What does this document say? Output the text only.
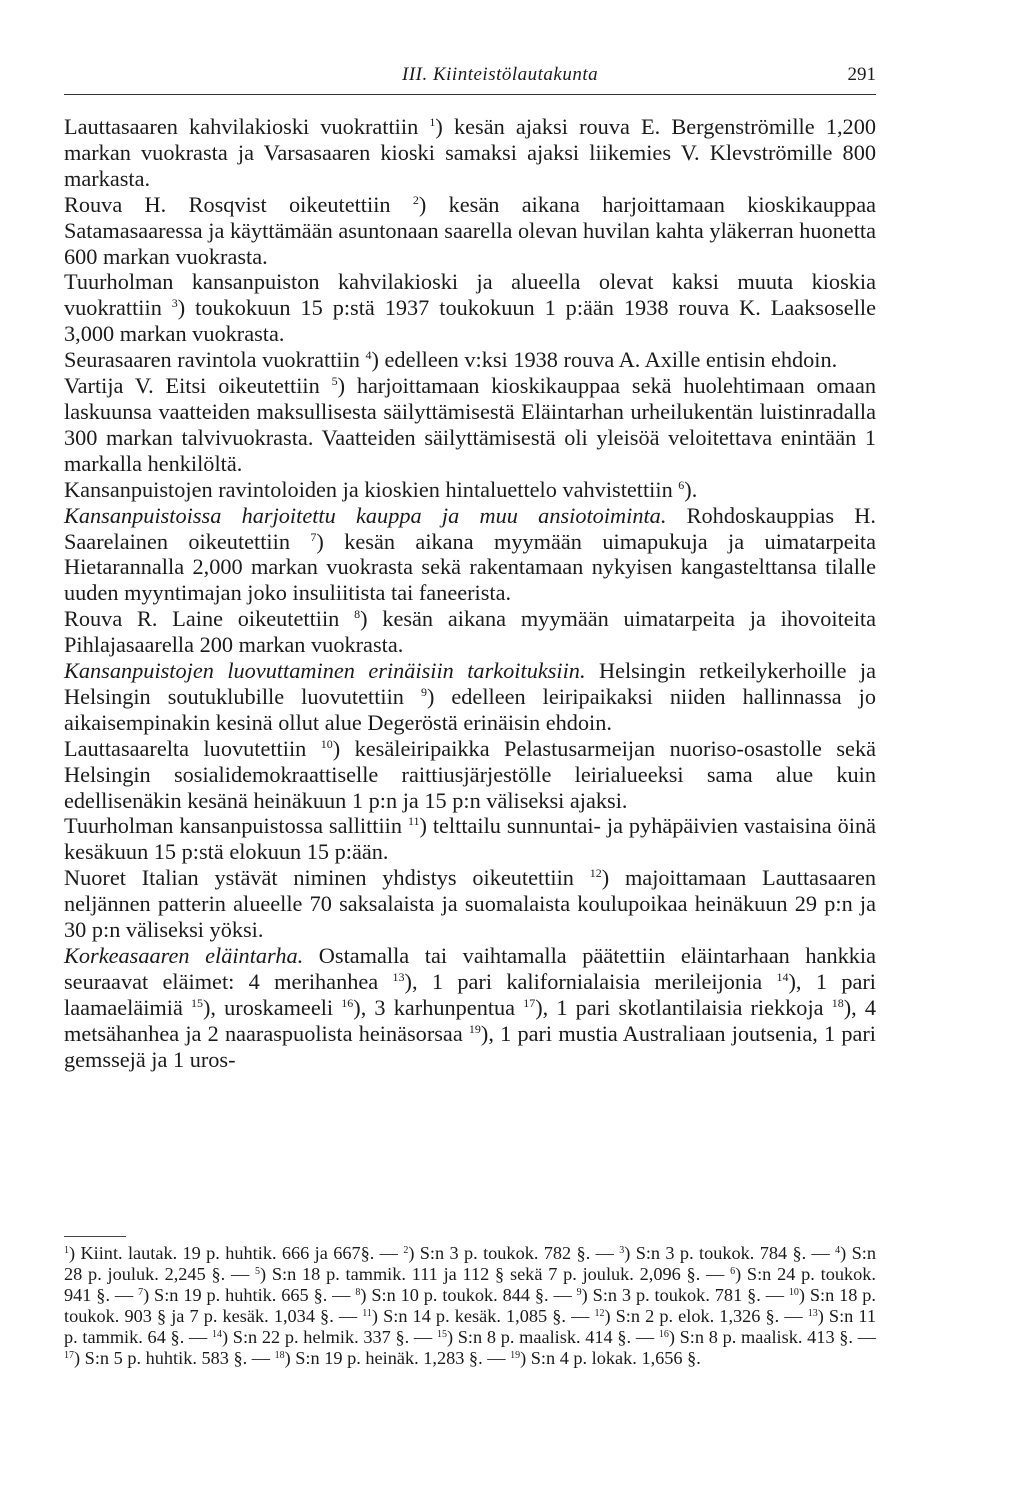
III. Kiinteistölautakunta	291

Lauttasaaren kahvilakioski vuokrattiin $^1$) kesän ajaksi rouva E. Bergenströmille 1,200 markan vuokrasta ja Varsasaaren kioski samaksi ajaksi liikemies V. Klevströmille 800 markasta.

Rouva H. Rosqvist oikeutettiin $^2$) kesän aikana harjoittamaan kioskikauppaa Satamasaaressa ja käyttämään asuntonaan saarella olevan huvilan kahta yläkerran huonetta 600 markan vuokrasta.

Tuurholman kansanpuiston kahvilakioski ja alueella olevat kaksi muuta kioskia vuokrattiin $^3$) toukokuun 15 p:stä 1937 toukokuun 1 p:ään 1938 rouva K. Laaksoselle 3,000 markan vuokrasta.

Seurasaaren ravintola vuokrattiin $^4$) edelleen v:ksi 1938 rouva A. Axille entisin ehdoin.

Vartija V. Eitsi oikeutettiin $^5$) harjoittamaan kioskikauppaa sekä huolehtimaan omaan laskuunsa vaatteiden maksullisesta säilyttämisestä Eläintarhan urheilukentän luistinradalla 300 markan talvivuokrasta. Vaatteiden säilyttämisestä oli yleisöä veloitettava enintään 1 markalla henkilöltä.

Kansanpuistojen ravintoloiden ja kioskien hintaluettelo vahvistettiin $^6$).

Kansanpuistoissa harjoitettu kauppa ja muu ansiotoiminta. Rohdoskauppias H. Saarelainen oikeutettiin $^7$) kesän aikana myymään uimapukuja ja uimatarpeita Hietarannalla 2,000 markan vuokrasta sekä rakentamaan nykyisen kangastelttansa tilalle uuden myyntimajan joko insuliitista tai faneerista.

Rouva R. Laine oikeutettiin $^8$) kesän aikana myymään uimatarpeita ja ihovoiteita Pihlajasaarella 200 markan vuokrasta.

Kansanpuistojen luovuttaminen erinäisiin tarkoituksiin. Helsingin retkeilykerhoille ja Helsingin soutuklubille luovutettiin $^9$) edelleen leiripaikaksi niiden hallinnassa jo aikaisempinakin kesinä ollut alue Degeröstä erinäisin ehdoin.

Lauttasaarelta luovutettiin $^{10}$) kesäleiripaikka Pelastusarmeijan nuoriso-osastolle sekä Helsingin sosialidemokraattiselle raittiusjärjestölle leirialueeksi sama alue kuin edellisenäkin kesänä heinäkuun 1 p:n ja 15 p:n väliseksi ajaksi.

Tuurholman kansanpuistossa sallittiin $^{11}$) telttailu sunnuntai- ja pyhäpäivien vastaisina öinä kesäkuun 15 p:stä elokuun 15 p:ään.

Nuoret Italian ystävät niminen yhdistys oikeutettiin $^{12}$) majoittamaan Lauttasaaren neljännen patterin alueelle 70 saksalaista ja suomalaista koulupoikaa heinäkuun 29 p:n ja 30 p:n väliseksi yöksi.

Korkeasaaren eläintarha. Ostamalla tai vaihtamalla päätettiin eläintarhaan hankkia seuraavat eläimet: 4 merihanhea $^{13}$), 1 pari kalifornialaisia merileijonia $^{14}$), 1 pari laamaeläimiä $^{15}$), uroskameeli $^{16}$), 3 karhunpentua $^{17}$), 1 pari skotlantilaisia riekkoja $^{18}$), 4 metsähanhea ja 2 naaraspuolista heinäsorsaa $^{19}$), 1 pari mustia Australiaan joutsenia, 1 pari gemssejä ja 1 uros-

$^1$) Kiint. lautak. 19 p. huhtik. 666 ja 667§. — $^2$) S:n 3 p. toukok. 782 §. — $^3$) S:n 3 p. toukok. 784 §. — $^4$) S:n 28 p. jouluk. 2,245 §. — $^5$) S:n 18 p. tammik. 111 ja 112 § sekä 7 p. jouluk. 2,096 §. — $^6$) S:n 24 p. toukok. 941 §. — $^7$) S:n 19 p. huhtik. 665 §. — $^8$) S:n 10 p. toukok. 844 §. — $^9$) S:n 3 p. toukok. 781 §. — $^{10}$) S:n 18 p. toukok. 903 § ja 7 p. kesäk. 1,034 §. — $^{11}$) S:n 14 p. kesäk. 1,085 §. — $^{12}$) S:n 2 p. elok. 1,326 §. — $^{13}$) S:n 11 p. tammik. 64 §. — $^{14}$) S:n 22 p. helmik. 337 §. — $^{15}$) S:n 8 p. maalisk. 414 §. — $^{16}$) S:n 8 p. maalisk. 413 §. — $^{17}$) S:n 5 p. huhtik. 583 §. — $^{18}$) S:n 19 p. heinäk. 1,283 §. — $^{19}$) S:n 4 p. lokak. 1,656 §.
